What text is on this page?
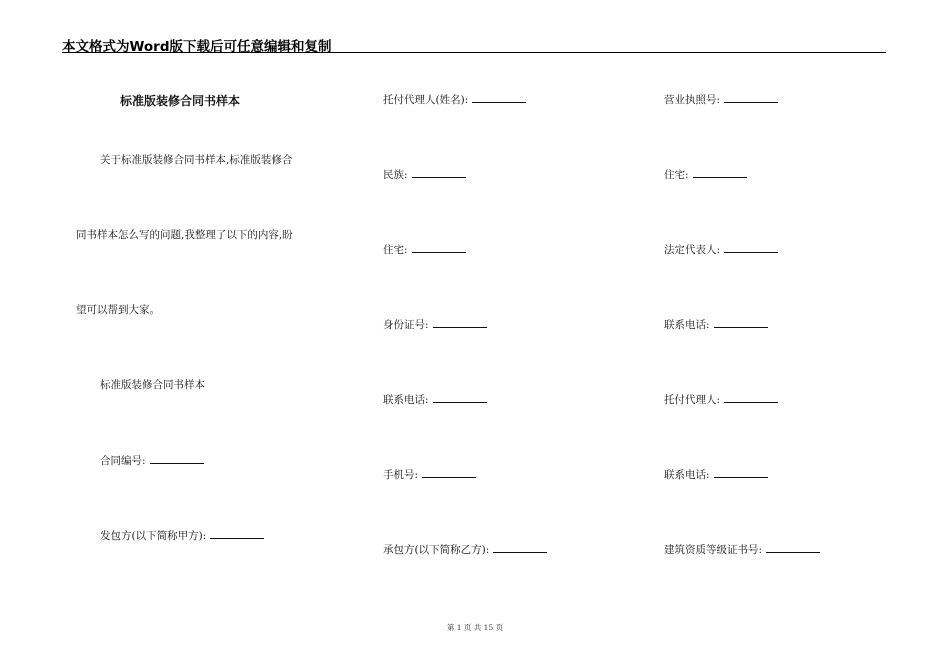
本文格式为Word版下载后可任意编辑和复制
标准版装修合同书样本
关于标准版装修合同书样本,标准版装修合
同书样本怎么写的问题,我整理了以下的内容,盼
望可以帮到大家。
标准版装修合同书样本
合同编号:
发包方(以下简称甲方):
托付代理人(姓名):
民族:
住宅:
身份证号:
联系电话:
手机号:
承包方(以下简称乙方):
营业执照号:
住宅:
法定代表人:
联系电话:
托付代理人:
联系电话:
建筑资质等级证书号:
第 1 页 共 15 页
